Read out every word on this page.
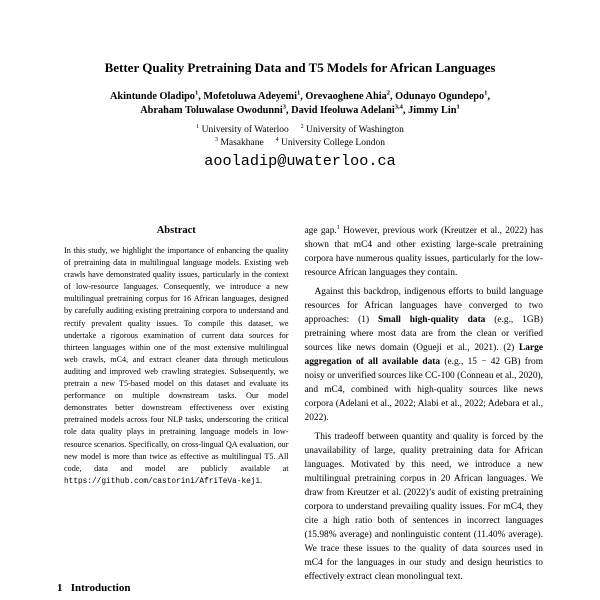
Better Quality Pretraining Data and T5 Models for African Languages
Akintunde Oladipo$^1$, Mofetoluwa Adeyemi$^1$, Orevaoghene Ahia$^2$, Odunayo Ogundepo$^1$,
Abraham Toluwalase Owodunni$^3$, David Ifeoluwa Adelani$^{3,4}$, Jimmy Lin$^1$
$^1$ University of Waterloo $^2$ University of Washington
$^3$ Masakhane $^4$ University College London
aooladip@uwaterloo.ca
Abstract
In this study, we highlight the importance of enhancing the quality of pretraining data in multilingual language models. Existing web crawls have demonstrated quality issues, particularly in the context of low-resource languages. Consequently, we introduce a new multilingual pretraining corpus for 16 African languages, designed by carefully auditing existing pretraining corpora to understand and rectify prevalent quality issues. To compile this dataset, we undertake a rigorous examination of current data sources for thirteen languages within one of the most extensive multilingual web crawls, mC4, and extract cleaner data through meticulous auditing and improved web crawling strategies. Subsequently, we pretrain a new T5-based model on this dataset and evaluate its performance on multiple downstream tasks. Our model demonstrates better downstream effectiveness over existing pretrained models across four NLP tasks, underscoring the critical role data quality plays in pretraining language models in low-resource scenarios. Specifically, on cross-lingual QA evaluation, our new model is more than twice as effective as multilingual T5. All code, data and model are publicly available at https://github.com/castorini/AfriTeVa-keji.
1   Introduction

age gap.$^1$ However, previous work (Kreutzer et al., 2022) has shown that mC4 and other existing large-scale pretraining corpora have numerous quality issues, particularly for the low-resource African languages they contain.

Against this backdrop, indigenous efforts to build language resources for African languages have converged to two approaches: (1) Small high-quality data (e.g., 1GB) pretraining where most data are from the clean or verified sources like news domain (Ogueji et al., 2021). (2) Large aggregation of all available data (e.g., 15 − 42 GB) from noisy or unverified sources like CC-100 (Conneau et al., 2020), and mC4, combined with high-quality sources like news corpora (Adelani et al., 2022; Alabi et al., 2022; Adebara et al., 2022).

This tradeoff between quantity and quality is forced by the unavailability of large, quality pretraining data for African languages. Motivated by this need, we introduce a new multilingual pretraining corpus in 20 African languages. We draw from Kreutzer et al. (2022)’s audit of existing pretraining corpora to understand prevailing quality issues. For mC4, they cite a high ratio both of sentences in incorrect languages (15.98% average) and nonlinguistic content (11.40% average). We trace these issues to the quality of data sources used in mC4 for the languages in our study and design heuristics to effectively extract clean monolingual text.
